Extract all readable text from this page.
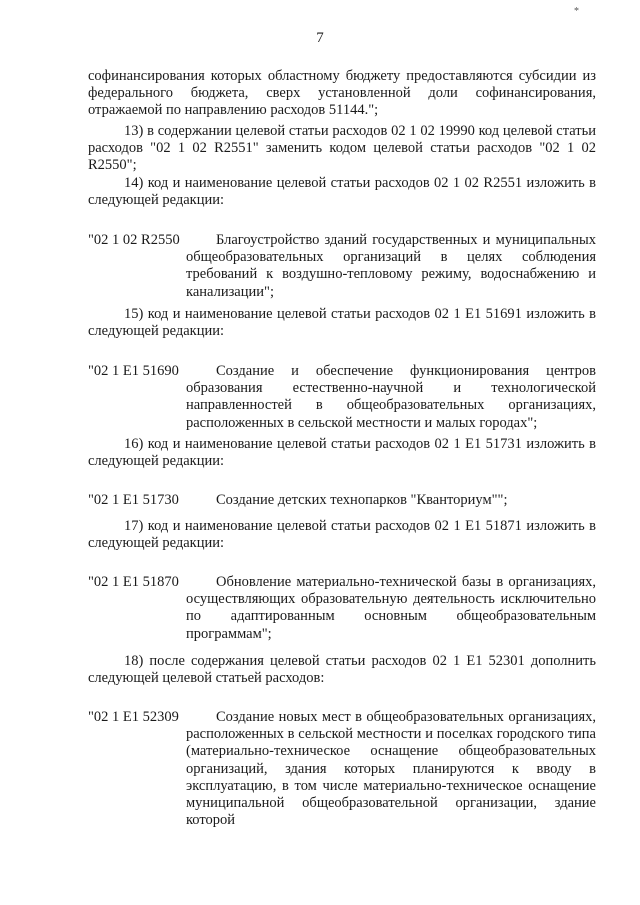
*
7
софинансирования которых областному бюджету предоставляются субсидии из федерального бюджета, сверх установленной доли софинансирования, отражаемой по направлению расходов 51144.";
13) в содержании целевой статьи расходов 02 1 02 19990 код целевой статьи расходов "02 1 02 R2551" заменить кодом целевой статьи расходов "02 1 02 R2550";
14) код и наименование целевой статьи расходов 02 1 02 R2551 изложить в следующей редакции:
"02 1 02 R2550	Благоустройство зданий государственных и муниципальных общеобразовательных организаций в целях соблюдения требований к воздушно-тепловому режиму, водоснабжению и канализации";
15) код и наименование целевой статьи расходов 02 1 E1 51691 изложить в следующей редакции:
"02 1 E1 51690	Создание и обеспечение функционирования центров образования естественно-научной и технологической направленностей в общеобразовательных организациях, расположенных в сельской местности и малых городах";
16) код и наименование целевой статьи расходов 02 1 E1 51731 изложить в следующей редакции:
"02 1 E1 51730	Создание детских технопарков "Кванториум"";
17) код и наименование целевой статьи расходов 02 1 E1 51871 изложить в следующей редакции:
"02 1 E1 51870	Обновление материально-технической базы в организациях, осуществляющих образовательную деятельность исключительно по адаптированным основным общеобразовательным программам";
18) после содержания целевой статьи расходов 02 1 E1 52301 дополнить следующей целевой статьей расходов:
"02 1 E1 52309	Создание новых мест в общеобразовательных организациях, расположенных в сельской местности и поселках городского типа (материально-техническое оснащение общеобразовательных организаций, здания которых планируются к вводу в эксплуатацию, в том числе материально-техническое оснащение муниципальной общеобразовательной организации, здание которой
